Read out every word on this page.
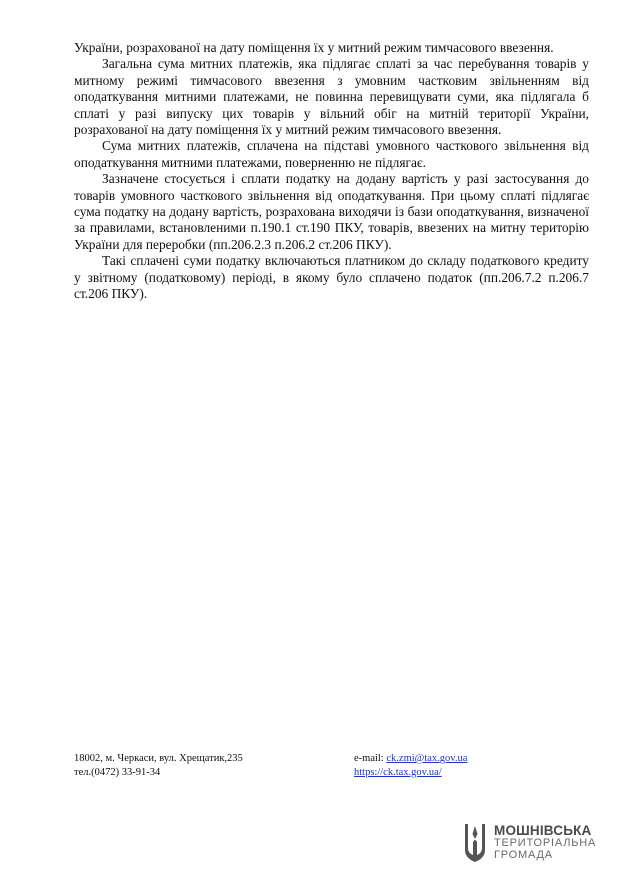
України, розрахованої на дату поміщення їх у митний режим тимчасового ввезення.

Загальна сума митних платежів, яка підлягає сплаті за час перебування товарів у митному режимі тимчасового ввезення з умовним частковим звільненням від оподаткування митними платежами, не повинна перевищувати суми, яка підлягала б сплаті у разі випуску цих товарів у вільний обіг на митній території України, розрахованої на дату поміщення їх у митний режим тимчасового ввезення.

Сума митних платежів, сплачена на підставі умовного часткового звільнення від оподаткування митними платежами, поверненню не підлягає.

Зазначене стосується і сплати податку на додану вартість у разі застосування до товарів умовного часткового звільнення від оподаткування. При цьому сплаті підлягає сума податку на додану вартість, розрахована виходячи із бази оподаткування, визначеної за правилами, встановленими п.190.1 ст.190 ПКУ, товарів, ввезених на митну територію України для переробки (пп.206.2.3 п.206.2 ст.206 ПКУ).

Такі сплачені суми податку включаються платником до складу податкового кредиту у звітному (податковому) періоді, в якому було сплачено податок (пп.206.7.2 п.206.7 ст.206 ПКУ).

18002, м. Черкаси, вул. Хрещатик,235
тел.(0472) 33-91-34
e-mail: ck.zmi@tax.gov.ua
https://ck.tax.gov.ua/
МОШНІВСЬКА
ТЕРИТОРІАЛЬНА
ГРОМАДА
